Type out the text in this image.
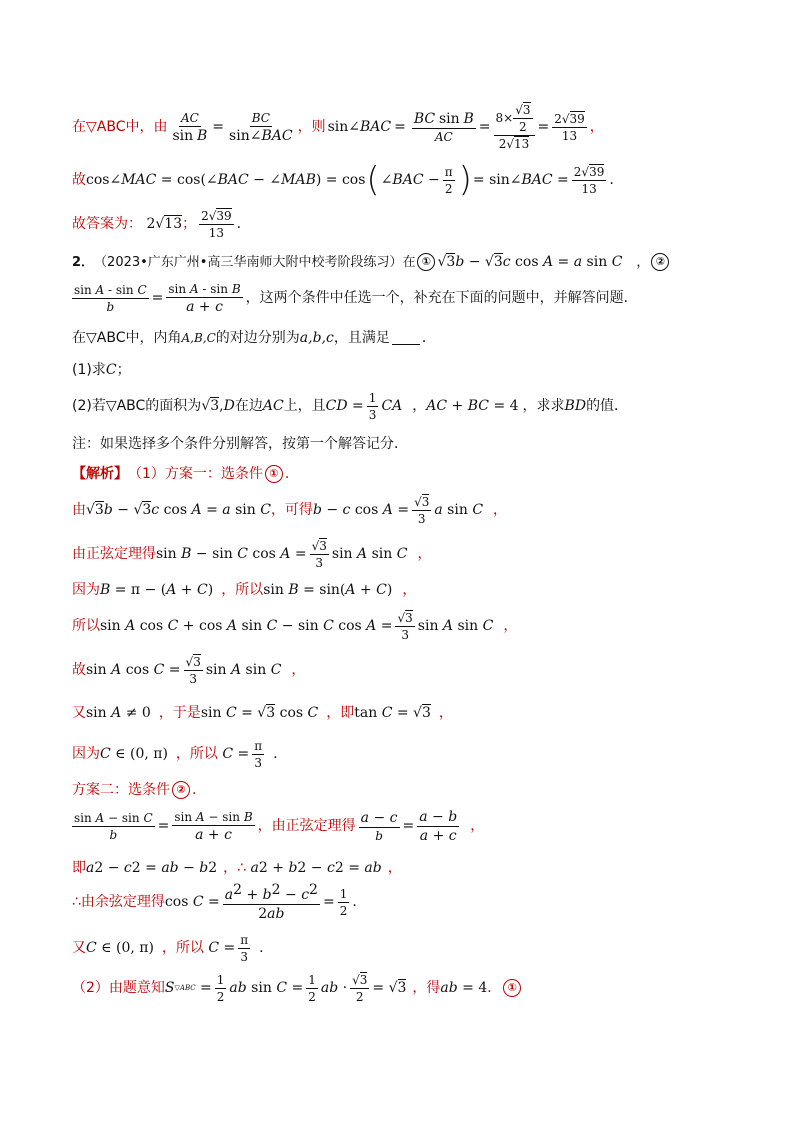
在▽ABC中，由 $\frac{AC}{\text{sin B}} = \frac{BC}{\text{sin∠BAC}}$ ，则 sin∠ BAC = $\frac{\text{BC sin B}}{AC} = \frac{8\times \frac{√3}{2}}{2√13} = \frac{2√39}{13}$ ，
故 cos∠ MAC = cos(∠ BAC − ∠ MAB ) = cos ( ∠ BAC − $\frac{\pi}{2}$ ) = sin∠ BAC = $\frac{2√39}{13}$ .
故答案为： 2√13 ； $\frac{2√39}{13}$ .
2． （2023•广东广州•高三华南师大附中校考阶段练习）在 ① √3 b − √3 c cos A = a sin C ， ②
$\frac{\text{sin A - sin C}}{b} = \frac{\text{sin A - sin B}}{a + c}$ ，这两个条件中任选一个，补充在下面的问题中，并解答问题．
在▽ABC中，内角 A,B,C 的对边分别为 a,b,c ，且满足 ．
(1)求 C ；
(2)若▽ABC的面积为 √3, D 在边 AC 上，且 CD = $\frac{1}{3}$ CA ， AC + BC = 4 ，求 求 BD 的值．
注：如果选择多个条件分别解答，按第一个解答记分．
【解析】 （1）方案一：选条件 ① .
由 √3 b − √3 c cos A = a sin C ，可得 b − c $\cos A = \frac{√3}{3}$ a sin C ，
由正弦定理得 sin B − sin C $\cos A = \frac{√3}{3}$ sin A sin C ，
因为 B = π − ( A + C ) ，所以 sin B = sin( A + C ) ，
所以 sin A cos C + cos A sin C − sin C $\cos A = \frac{√3}{3}$ sin A sin C ，
故 sin A $\cos C = \frac{√3}{3}$ sin A sin C ，
又 sin A ≠ 0 ，于是 sin C = √3 cos C ，即 tan C = √3 ，
因为 C ∈ (0, π) ，所以 $C = \frac{\pi}{3}$ .
方案二：选条件 ② .
$\frac{\text{sin A − sin C}}{b} = \frac{\text{sin A − sin B}}{a + c}$ ，由正弦定理得 $\frac{a - c}{b} = \frac{a - b}{a + c}$ ，
即 a 2 − c 2 = ab − b 2 ，∴ a 2 + b 2 − c 2 = ab ，
∴由余弦定理得 $\cos C = \frac{a^2 + b^2 - c^2}{2ab} = \frac{1}{2}$ .
又 C ∈ (0, π) ，所以 $C = \frac{\pi}{3}$ .
（2）由题意知 S ▽ABC = $\frac{1}{2}$ ab $\sin C = \frac{1}{2}$ ab · $\frac{√3}{2} = √3$ ，得 ab = 4 ． ①
